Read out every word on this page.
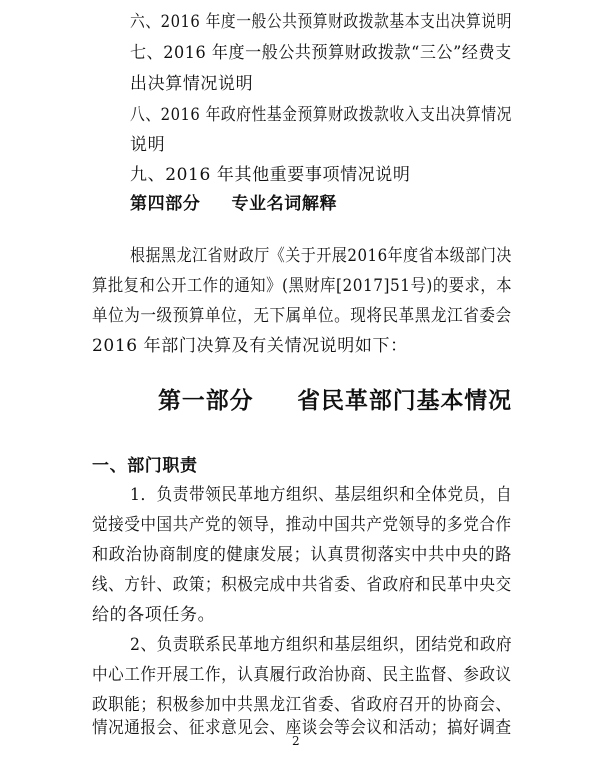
六、2016 年度一般公共预算财政拨款基本支出决算说明
七、2016 年度一般公共预算财政拨款“三公”经费支
出决算情况说明
八、2016 年政府性基金预算财政拨款收入支出决算情况
说明
九、2016 年其他重要事项情况说明
第四部分 专业名词解释
根据黑龙江省财政厅《关于开展2016年度省本级部门决
算批复和公开工作的通知》(黑财库[2017]51号)的要求，本
单位为一级预算单位，无下属单位。现将民革黑龙江省委会
2016 年部门决算及有关情况说明如下：
第一部分 省民革部门基本情况
一、部门职责
1．负责带领民革地方组织、基层组织和全体党员，自
觉接受中国共产党的领导，推动中国共产党领导的多党合作
和政治协商制度的健康发展；认真贯彻落实中共中央的路
线、方针、政策；积极完成中共省委、省政府和民革中央交
给的各项任务。
2、负责联系民革地方组织和基层组织，团结党和政府
中心工作开展工作，认真履行政治协商、民主监督、参政议
政职能；积极参加中共黑龙江省委、省政府召开的协商会、
情况通报会、征求意见会、座谈会等会议和活动；搞好调查
2
